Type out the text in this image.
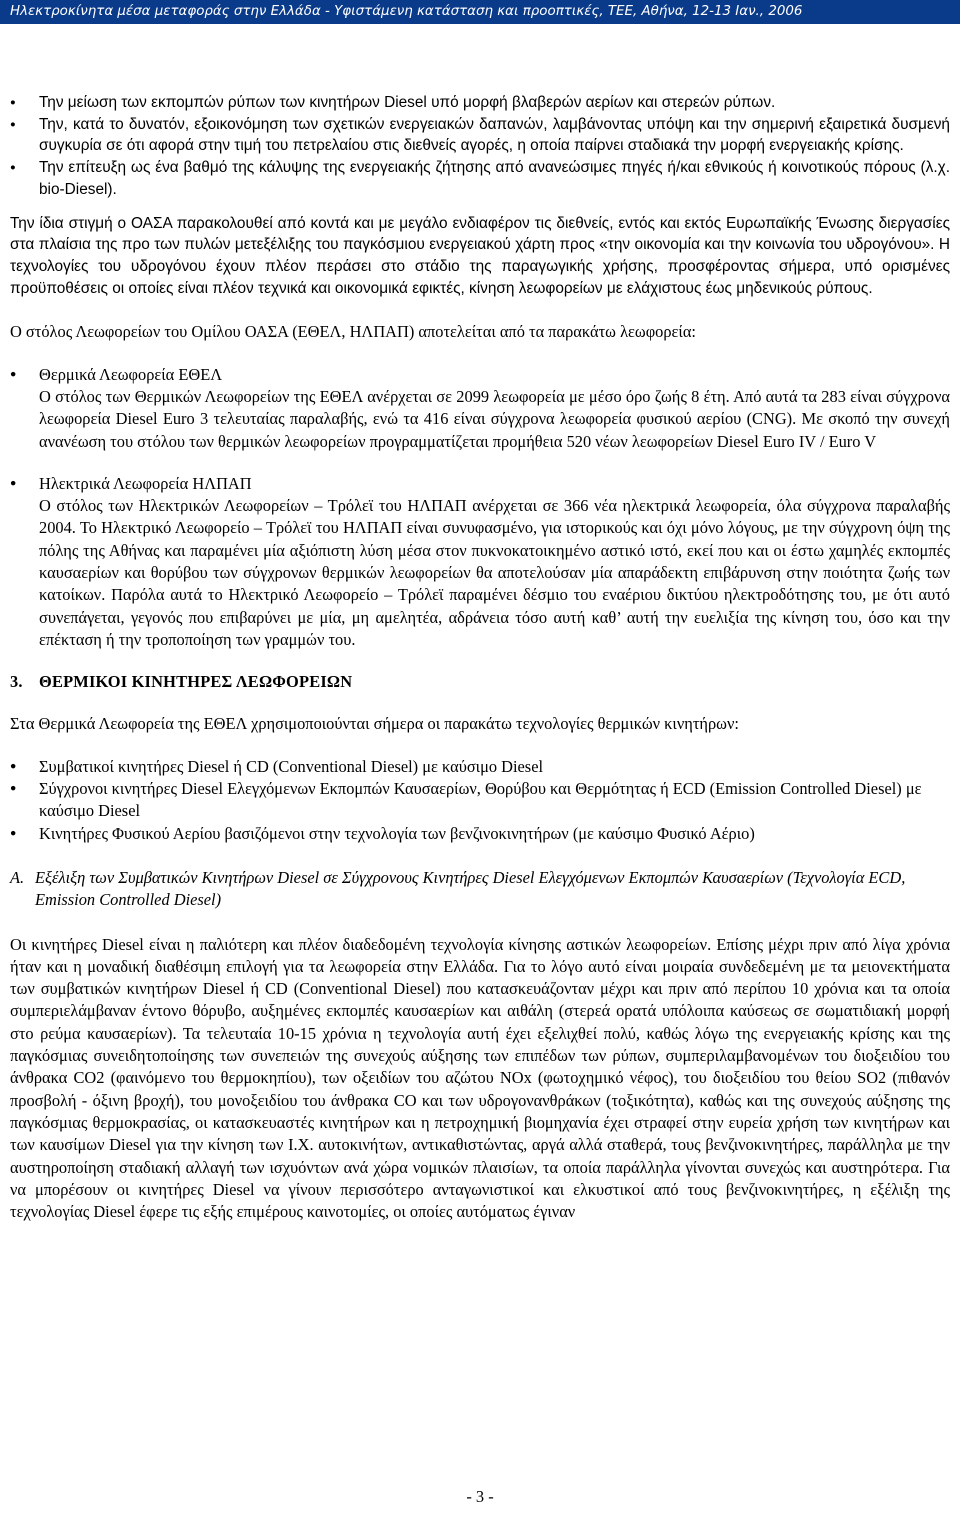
Ηλεκτροκίνητα μέσα μεταφοράς στην Ελλάδα - Υφιστάμενη κατάσταση και προοπτικές, ΤΕΕ, Αθήνα, 12-13 Ιαν., 2006
● Την μείωση των εκπομπών ρύπων των κινητήρων Diesel υπό μορφή βλαβερών αερίων και στερεών ρύπων.
● Την, κατά το δυνατόν, εξοικονόμηση των σχετικών ενεργειακών δαπανών, λαμβάνοντας υπόψη και την σημερινή εξαιρετικά δυσμενή συγκυρία σε ότι αφορά στην τιμή του πετρελαίου στις διεθνείς αγορές, η οποία παίρνει σταδιακά την μορφή ενεργειακής κρίσης.
● Την επίτευξη ως ένα βαθμό της κάλυψης της ενεργειακής ζήτησης από ανανεώσιμες πηγές ή/και εθνικούς ή κοινοτικούς πόρους (λ.χ. bio-Diesel).

Την ίδια στιγμή ο ΟΑΣΑ παρακολουθεί από κοντά και με μεγάλο ενδιαφέρον τις διεθνείς, εντός και εκτός Ευρωπαϊκής Ένωσης διεργασίες στα πλαίσια της προ των πυλών μετεξέλιξης του παγκόσμιου ενεργειακού χάρτη προς «την οικονομία και την κοινωνία του υδρογόνου». Η τεχνολογίες του υδρογόνου έχουν πλέον περάσει στο στάδιο της παραγωγικής χρήσης, προσφέροντας σήμερα, υπό ορισμένες προϋποθέσεις οι οποίες είναι πλέον τεχνικά και οικονομικά εφικτές, κίνηση λεωφορείων με ελάχιστους έως μηδενικούς ρύπους.

Ο στόλος Λεωφορείων του Ομίλου ΟΑΣΑ (ΕΘΕΛ, ΗΛΠΑΠ) αποτελείται από τα παρακάτω λεωφορεία:

● Θερμικά Λεωφορεία ΕΘΕΛ
Ο στόλος των Θερμικών Λεωφορείων της ΕΘΕΛ ανέρχεται σε 2099 λεωφορεία με μέσο όρο ζωής 8 έτη. Από αυτά τα 283 είναι σύγχρονα λεωφορεία Diesel Euro 3 τελευταίας παραλαβής, ενώ τα 416 είναι σύγχρονα λεωφορεία φυσικού αερίου (CNG). Με σκοπό την συνεχή ανανέωση του στόλου των θερμικών λεωφορείων προγραμματίζεται προμήθεια 520 νέων λεωφορείων Diesel Euro IV / Euro V
● Ηλεκτρικά Λεωφορεία ΗΛΠΑΠ
Ο στόλος των Ηλεκτρικών Λεωφορείων – Τρόλεϊ του ΗΛΠΑΠ ανέρχεται σε 366 νέα ηλεκτρικά λεωφορεία, όλα σύγχρονα παραλαβής 2004. Το Ηλεκτρικό Λεωφορείο – Τρόλεϊ του ΗΛΠΑΠ είναι συνυφασμένο, για ιστορικούς και όχι μόνο λόγους, με την σύγχρονη όψη της πόλης της Αθήνας και παραμένει μία αξιόπιστη λύση μέσα στον πυκνοκατοικημένο αστικό ιστό, εκεί που και οι έστω χαμηλές εκπομπές καυσαερίων και θορύβου των σύγχρονων θερμικών λεωφορείων θα αποτελούσαν μία απαράδεκτη επιβάρυνση στην ποιότητα ζωής των κατοίκων. Παρόλα αυτά το Ηλεκτρικό Λεωφορείο – Τρόλεϊ παραμένει δέσμιο του εναέριου δικτύου ηλεκτροδότησης του, με ότι αυτό συνεπάγεται, γεγονός που επιβαρύνει με μία, μη αμελητέα, αδράνεια τόσο αυτή καθ’ αυτή την ευελιξία της κίνηση του, όσο και την επέκταση ή την τροποποίηση των γραμμών του.
3. ΘΕΡΜΙΚΟΙ ΚΙΝΗΤΗΡΕΣ ΛΕΩΦΟΡΕΙΩΝ

Στα Θερμικά Λεωφορεία της ΕΘΕΛ χρησιμοποιούνται σήμερα οι παρακάτω τεχνολογίες θερμικών κινητήρων:

● Συμβατικοί κινητήρες Diesel ή CD (Conventional Diesel) με καύσιμο Diesel
● Σύγχρονοι κινητήρες Diesel Ελεγχόμενων Εκπομπών Καυσαερίων, Θορύβου και Θερμότητας ή ECD (Emission Controlled Diesel) με καύσιμο Diesel
● Κινητήρες Φυσικού Αερίου βασιζόμενοι στην τεχνολογία των βενζινοκινητήρων (με καύσιμο Φυσικό Αέριο)
A. Εξέλιξη των Συμβατικών Κινητήρων Diesel σε Σύγχρονους Κινητήρες Diesel Ελεγχόμενων Εκπομπών Καυσαερίων (Τεχνολογία ECD, Emission Controlled Diesel)

Οι κινητήρες Diesel είναι η παλιότερη και πλέον διαδεδομένη τεχνολογία κίνησης αστικών λεωφορείων. Επίσης μέχρι πριν από λίγα χρόνια ήταν και η μοναδική διαθέσιμη επιλογή για τα λεωφορεία στην Ελλάδα. Για το λόγο αυτό είναι μοιραία συνδεδεμένη με τα μειονεκτήματα των συμβατικών κινητήρων Diesel ή CD (Conventional Diesel) που κατασκευάζονταν μέχρι και πριν από περίπου 10 χρόνια και τα οποία συμπεριελάμβαναν έντονο θόρυβο, αυξημένες εκπομπές καυσαερίων και αιθάλη (στερεά ορατά υπόλοιπα καύσεως σε σωματιδιακή μορφή στο ρεύμα καυσαερίων). Τα τελευταία 10-15 χρόνια η τεχνολογία αυτή έχει εξελιχθεί πολύ, καθώς λόγω της ενεργειακής κρίσης και της παγκόσμιας συνειδητοποίησης των συνεπειών της συνεχούς αύξησης των επιπέδων των ρύπων, συμπεριλαμβανομένων του διοξειδίου του άνθρακα CO2 (φαινόμενο του θερμοκηπίου), των οξειδίων του αζώτου NOx (φωτοχημικό νέφος), του διοξειδίου του θείου SO2 (πιθανόν προσβολή - όξινη βροχή), του μονοξειδίου του άνθρακα CO και των υδρογονανθράκων (τοξικότητα), καθώς και της συνεχούς αύξησης της παγκόσμιας θερμοκρασίας, οι κατασκευαστές κινητήρων και η πετροχημική βιομηχανία έχει στραφεί στην ευρεία χρήση των κινητήρων και των καυσίμων Diesel για την κίνηση των Ι.Χ. αυτοκινήτων, αντικαθιστώντας, αργά αλλά σταθερά, τους βενζινοκινητήρες, παράλληλα με την αυστηροποίηση σταδιακή αλλαγή των ισχυόντων ανά χώρα νομικών πλαισίων, τα οποία παράλληλα γίνονται συνεχώς και αυστηρότερα. Για να μπορέσουν οι κινητήρες Diesel να γίνουν περισσότερο ανταγωνιστικοί και ελκυστικοί από τους βενζινοκινητήρες, η εξέλιξη της τεχνολογίας Diesel έφερε τις εξής επιμέρους καινοτομίες, οι οποίες αυτόματως έγιναν

- 3 -
